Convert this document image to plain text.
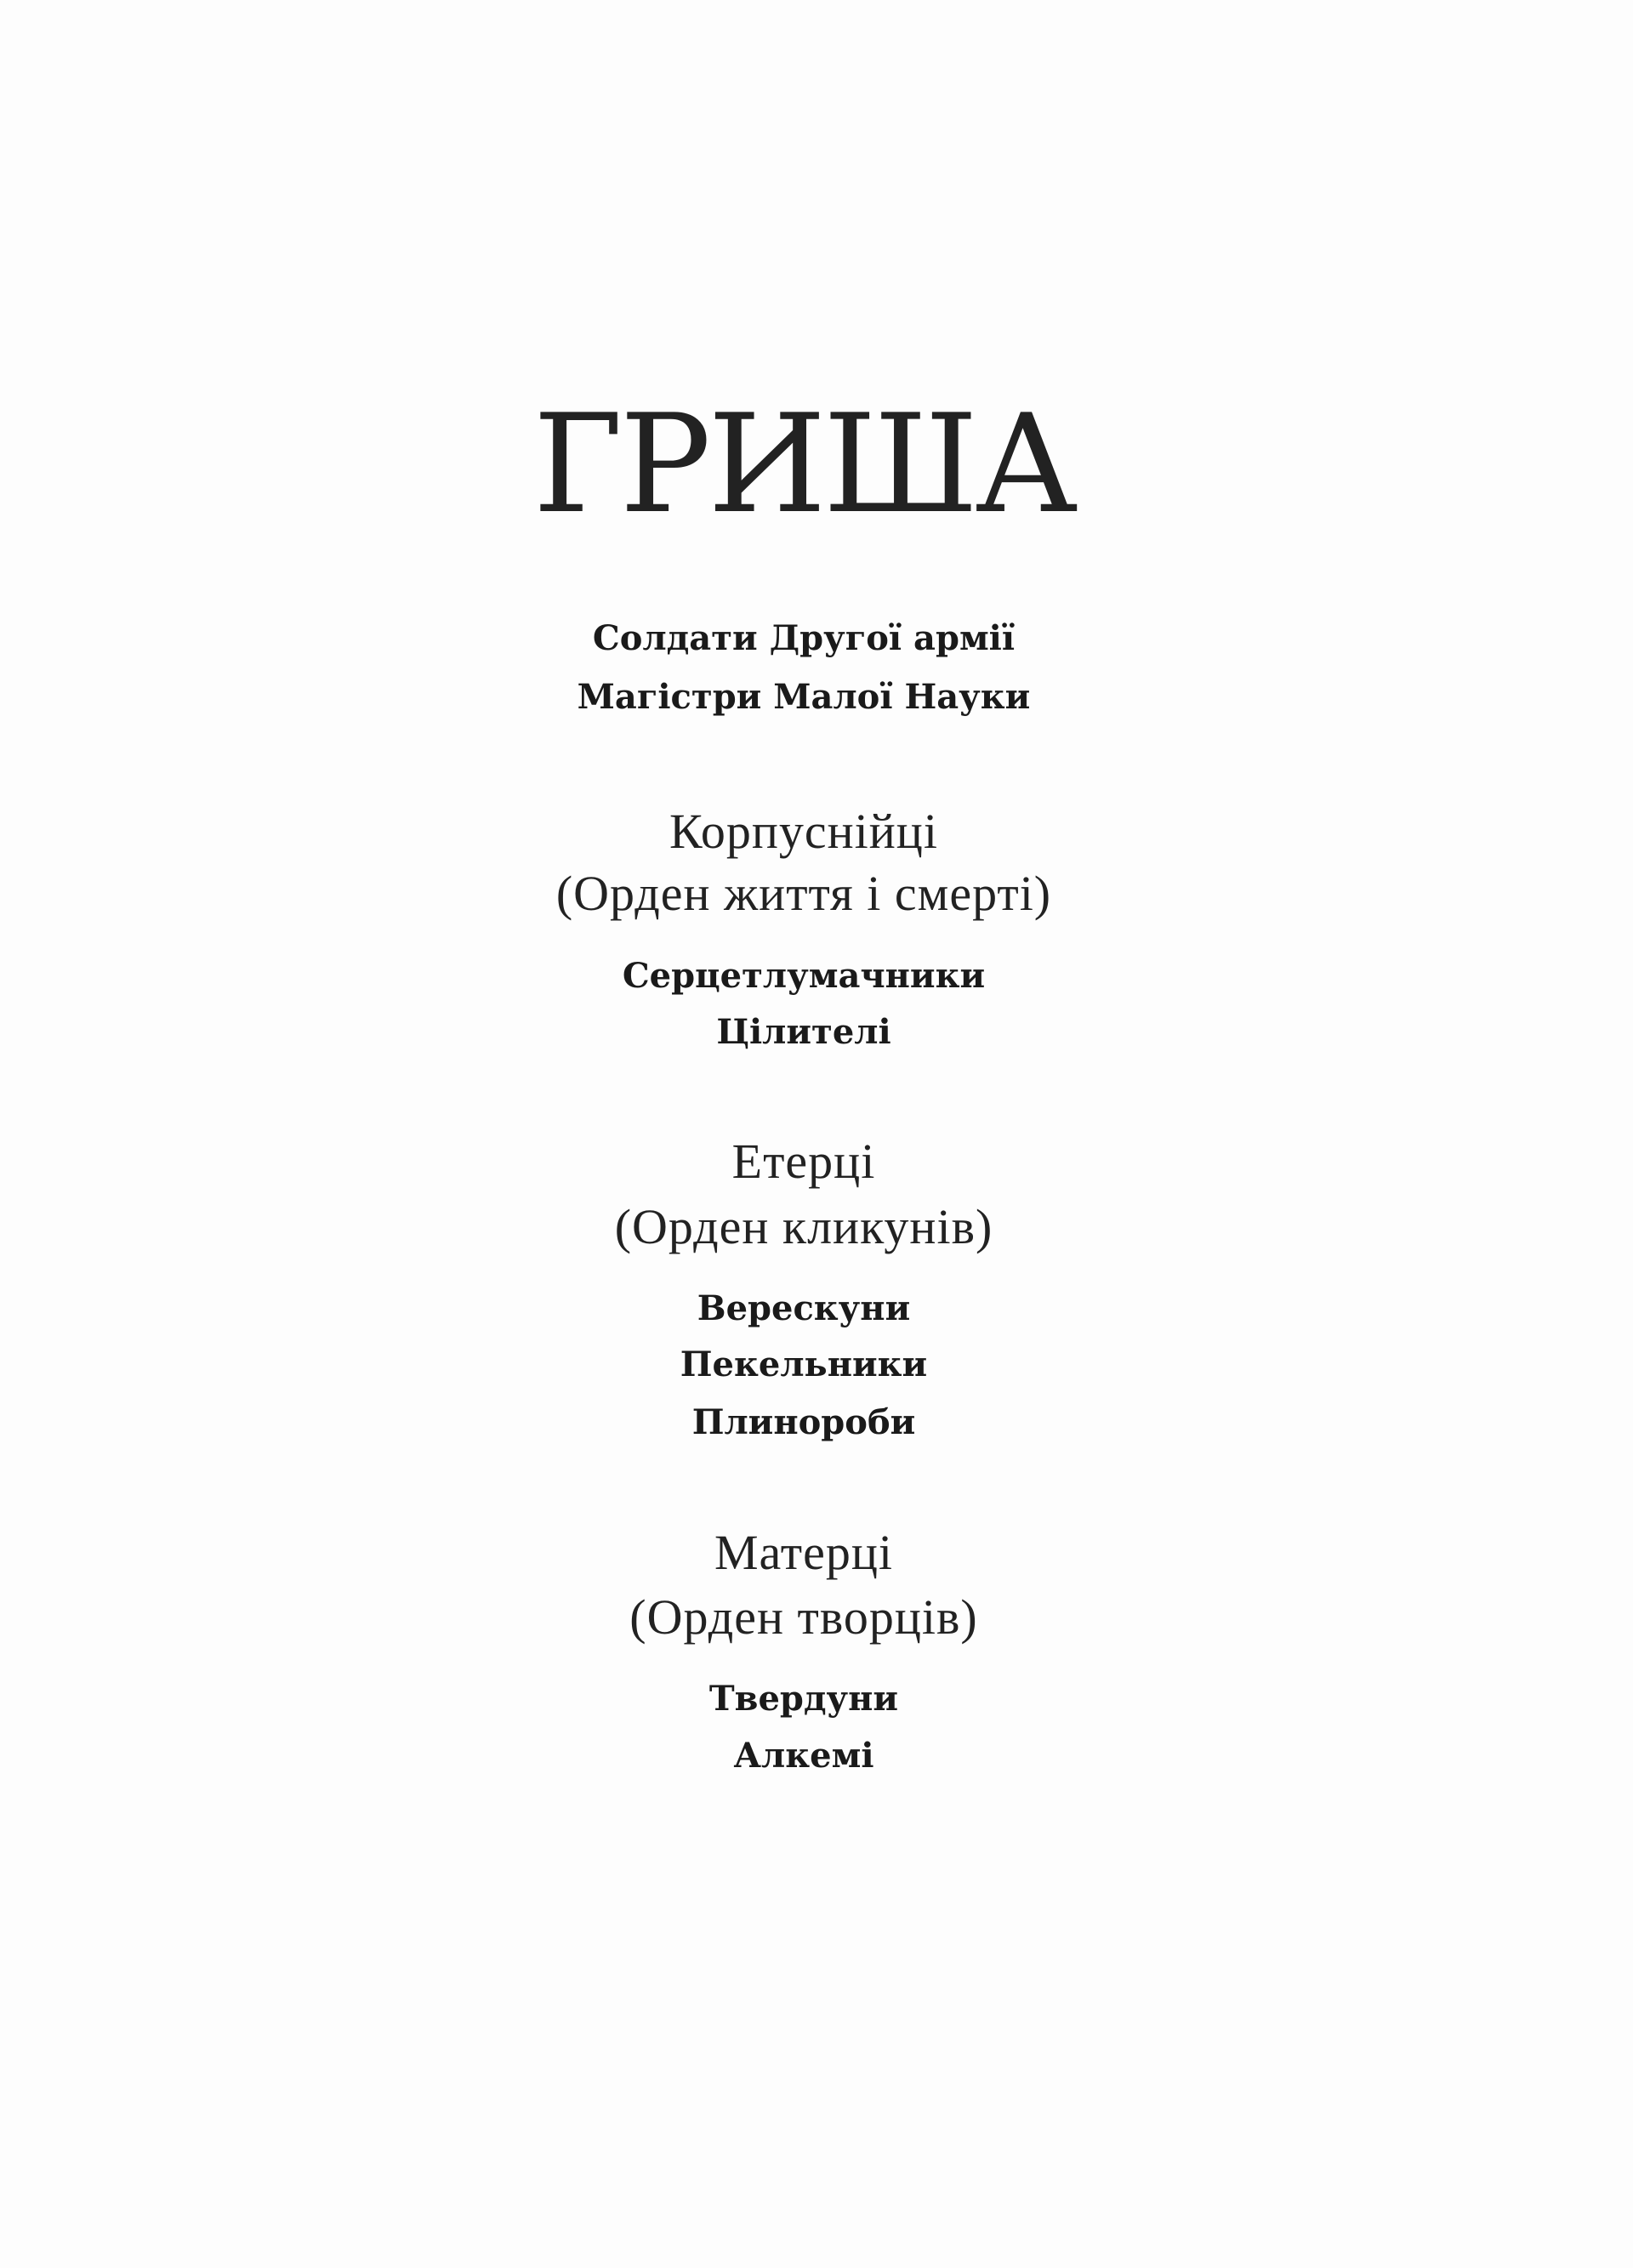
ГРИША
Солдати Другої армії
Магістри Малої Науки
Корпуснійці
(Орден життя і смерті)
Серцетлумачники
Цілителі
Етерці
(Орден кликунів)
Верескуни
Пекельники
Плинороби
Матерці
(Орден творців)
Твердуни
Алкемі
